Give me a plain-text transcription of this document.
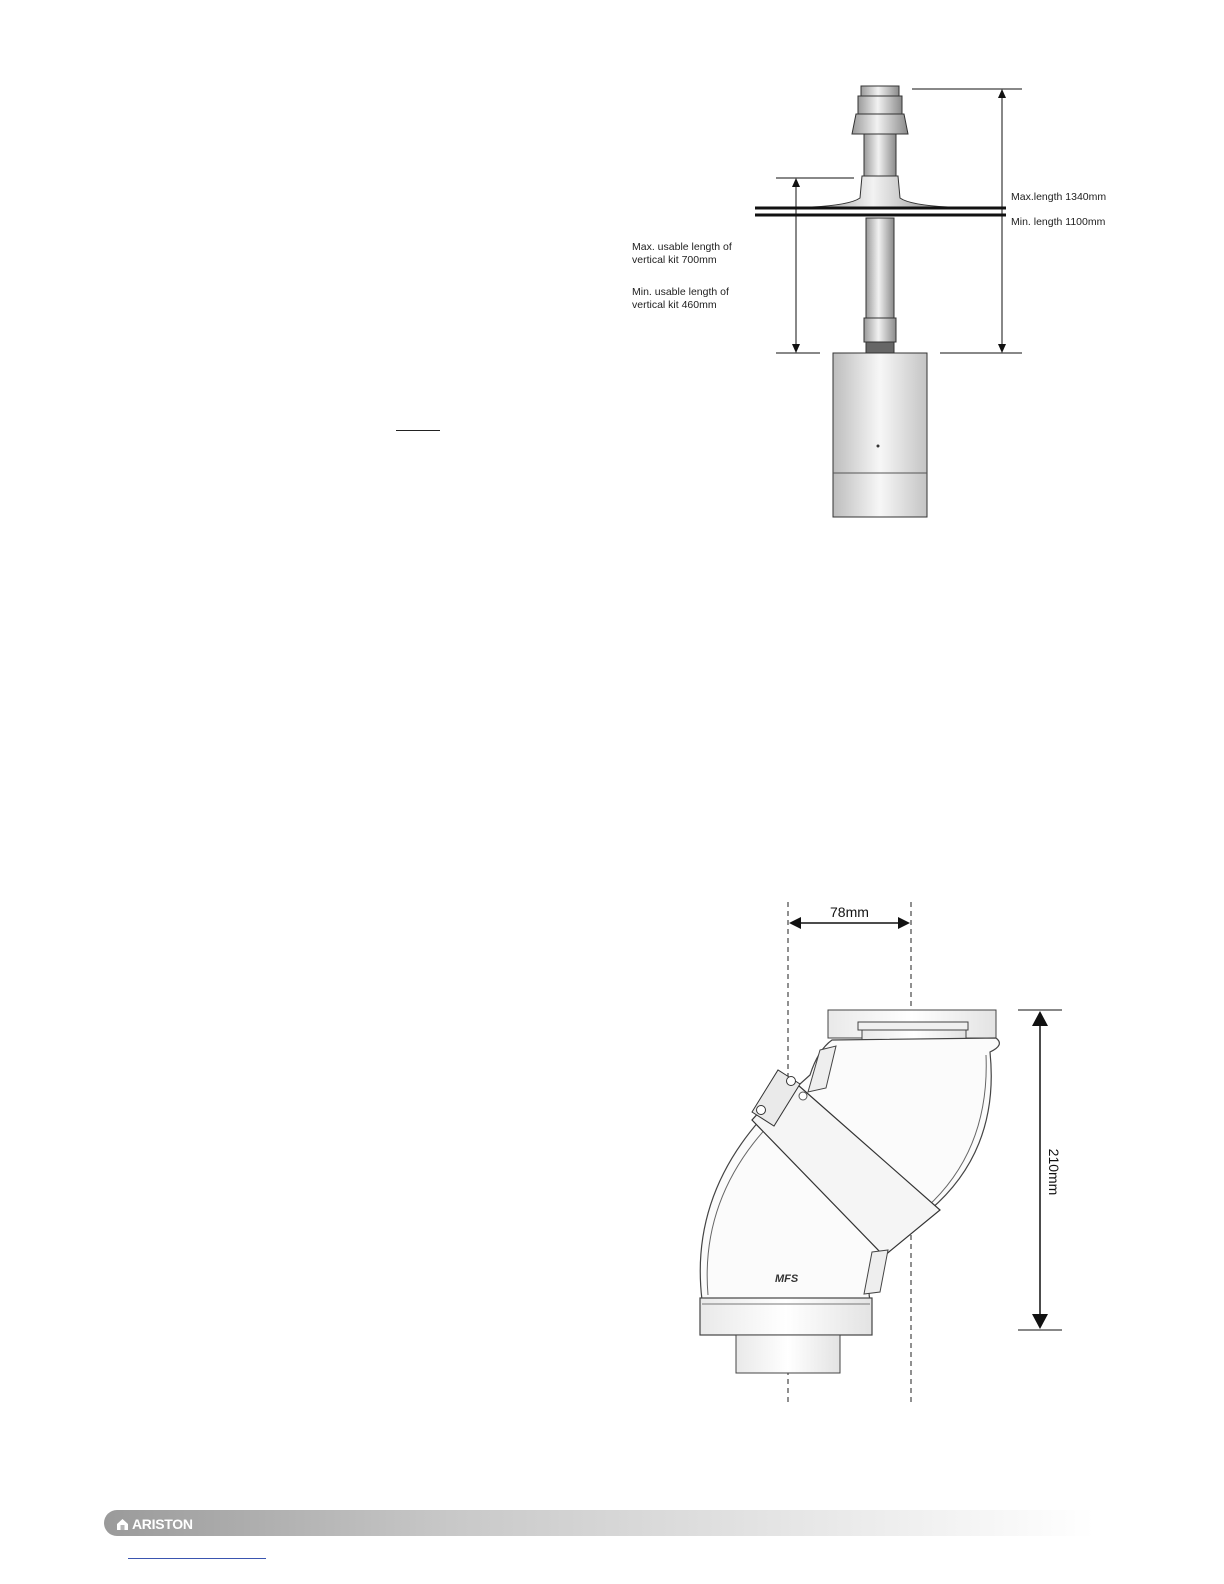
Max.length 1340mm
Min. length 1100mm
Max. usable length of
vertical kit 700mm
Min. usable length of
vertical kit 460mm
MFS
210mm
78mm
ARISTON
